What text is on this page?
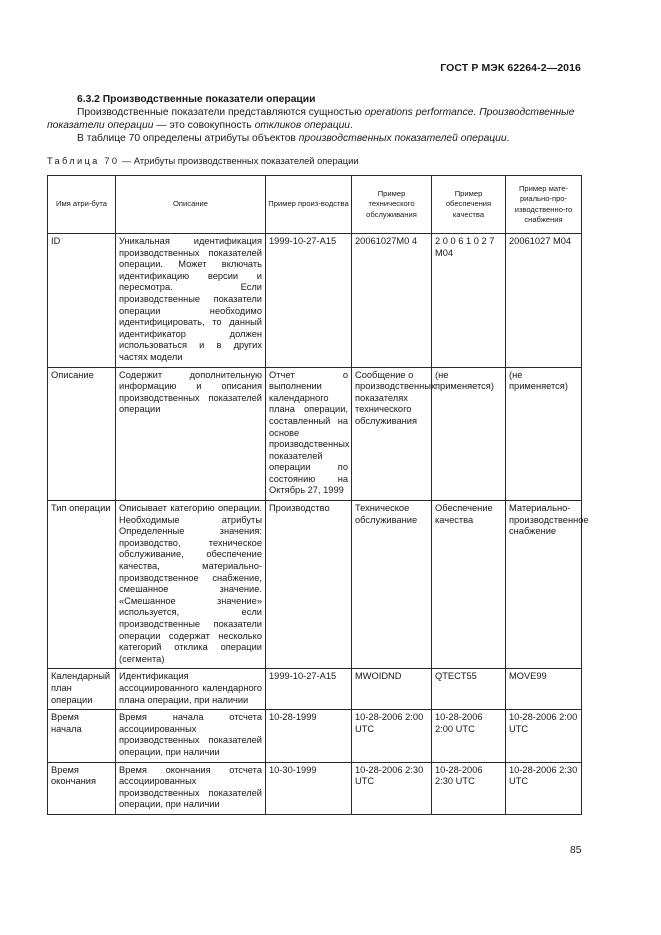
ГОСТ Р МЭК 62264-2—2016
6.3.2 Производственные показатели операции
Производственные показатели представляются сущностью operations performance. Производственные показатели операции — это совокупность откликов операции.
В таблице 70 определены атрибуты объектов производственных показателей операции.
Таблица 70 — Атрибуты производственных показателей операции
Имя атри-бута	Описание	Пример произ-водства	Пример технического обслуживания	Пример обеспечения качества	Пример мате-риально-про-изводственно-го снабжения
ID	Уникальная идентификация производственных показателей операции. Может включать идентификацию версии и пересмотра. Если производственные показатели операции необходимо идентифицировать, то данный идентификатор должен использоваться и в других частях модели	1999-10-27-A15	20061027M0 4	2 0 0 6 1 0 2 7 M04	20061027 M04
Описание	Содержит дополнительную информацию и описания производственных показателей операции	Отчет о выполнении календарного плана операции, составленный на основе производственных показателей операции по состоянию на Октябрь 27, 1999	Сообщение о производственных показателях технического обслуживания	(не применяется)	(не применяется)
Тип операции	Описывает категорию операции. Необходимые атрибуты Определенные значения: производство, техническое обслуживание, обеспечение качества, материально-производственное снабжение, смешанное значение. «Смешанное значение» используется, если производственные показатели операции содержат несколько категорий отклика операции (сегмента)	Производство	Техническое обслуживание	Обеспечение качества	Материально-производственное снабжение
Календарный план операции	Идентификация ассоциированного календарного плана операции, при наличии	1999-10-27-A15	MWOIDND	QTECT55	MOVE99
Время начала	Время начала отсчета ассоциированных производственных показателей операции, при наличии	10-28-1999	10-28-2006 2:00 UTC	10-28-2006 2:00 UTC	10-28-2006 2:00 UTC
Время окончания	Время окончания отсчета ассоциированных производственных показателей операции, при наличии	10-30-1999	10-28-2006 2:30 UTC	10-28-2006 2:30 UTC	10-28-2006 2:30 UTC
85
